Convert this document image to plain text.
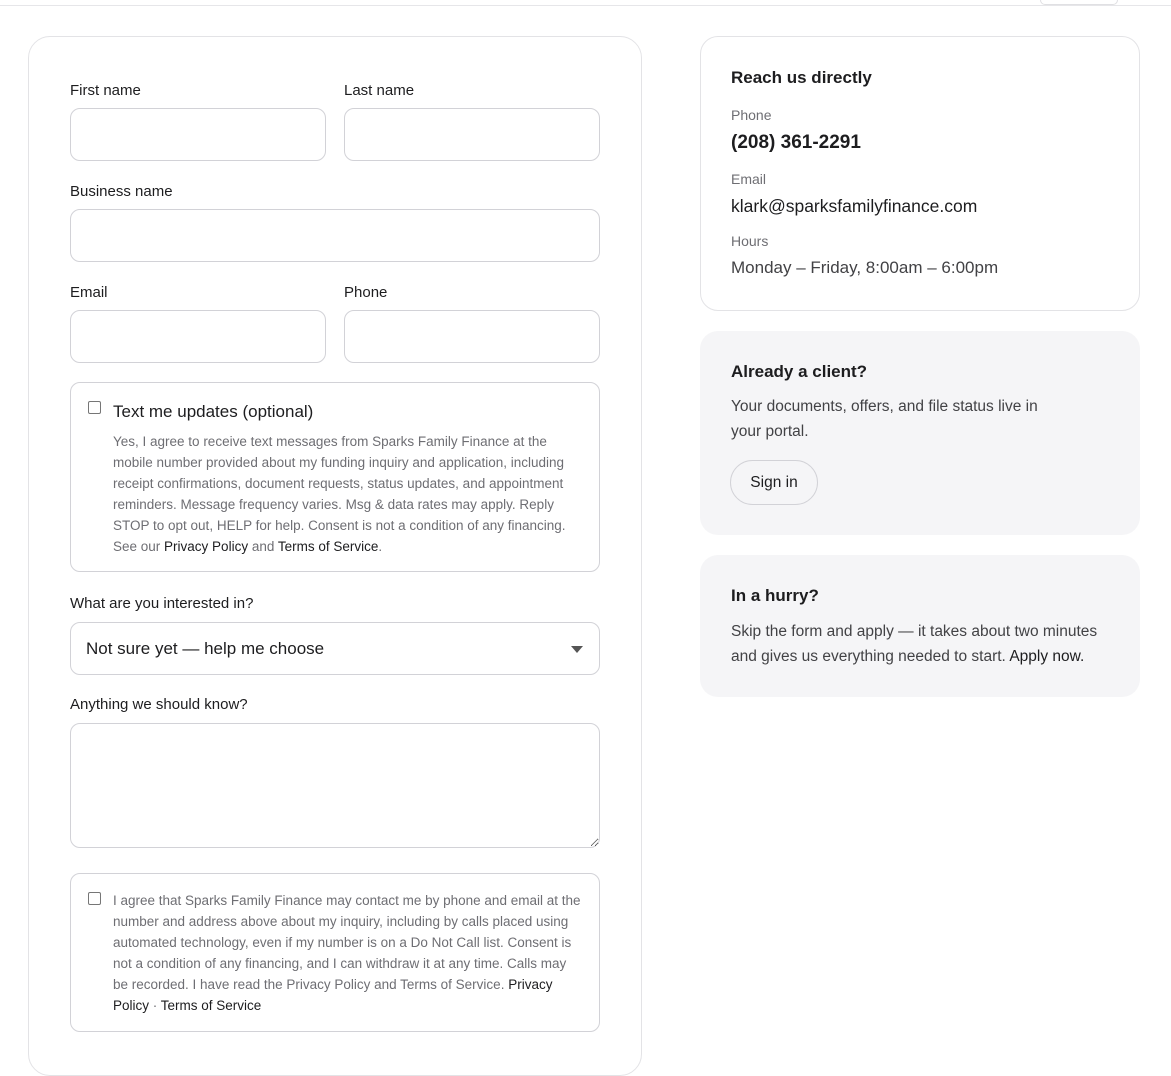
First name	Last name
Business name
Email	Phone
Text me updates (optional)
Yes, I agree to receive text messages from Sparks Family Finance at the mobile number provided about my funding inquiry and application, including receipt confirmations, document requests, status updates, and appointment reminders. Message frequency varies. Msg & data rates may apply. Reply STOP to opt out, HELP for help. Consent is not a condition of any financing. See our Privacy Policy and Terms of Service.
What are you interested in?
Not sure yet — help me choose
Anything we should know?
I agree that Sparks Family Finance may contact me by phone and email at the number and address above about my inquiry, including by calls placed using automated technology, even if my number is on a Do Not Call list. Consent is not a condition of any financing, and I can withdraw it at any time. Calls may be recorded. I have read the Privacy Policy and Terms of Service. Privacy Policy · Terms of Service
Reach us directly
Phone
(208) 361-2291
Email
klark@sparksfamilyfinance.com
Hours
Monday – Friday, 8:00am – 6:00pm
Already a client?
Your documents, offers, and file status live in your portal.
Sign in
In a hurry?
Skip the form and apply — it takes about two minutes and gives us everything needed to start. Apply now.
